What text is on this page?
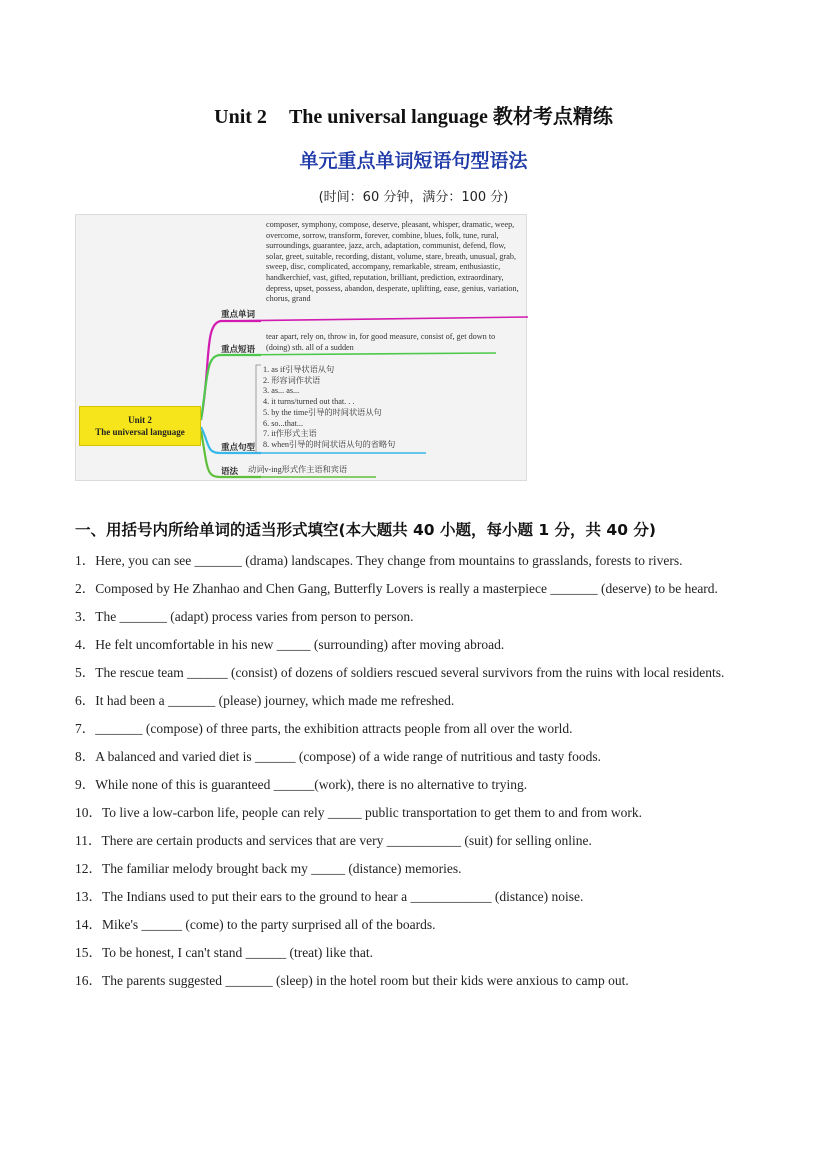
Unit 2 The universal language 教材考点精练
单元重点单词短语句型语法
(时间：60 分钟，满分：100 分)
Unit 2
The universal language
重点单词
重点短语
重点句型
语法
composer, symphony, compose, deserve, pleasant, whisper, dramatic, weep, overcome, sorrow, transform, forever, combine, blues, folk, tune, rural, surroundings, guarantee, jazz, arch, adaptation, communist, defend, flow, solar, greet, suitable, recording, distant, volume, stare, breath, unusual, grab, sweep, disc, complicated, accompany, remarkable, stream, enthusiastic, handkerchief, vast, gifted, reputation, brilliant, prediction, extraordinary, depress, upset, possess, abandon, desperate, uplifting, ease, genius, variation, chorus, grand
tear apart, rely on, throw in, for good measure, consist of, get down to (doing) sth. all of a sudden
1. as if引导状语从句
2. 形容词作状语
3. as... as...
4. it turns/turned out that. . .
5. by the time引导的时间状语从句
6. so...that...
7. it作形式主语
8. when引导的时间状语从句的省略句
动词v-ing形式作主语和宾语
一、用括号内所给单词的适当形式填空(本大题共 40 小题，每小题 1 分，共 40 分)
1．Here, you can see _______ (drama) landscapes. They change from mountains to grasslands, forests to rivers.
2．Composed by He Zhanhao and Chen Gang, Butterfly Lovers is really a masterpiece _______ (deserve) to be heard.
3．The _______ (adapt) process varies from person to person.
4．He felt uncomfortable in his new _____ (surrounding) after moving abroad.
5．The rescue team ______ (consist) of dozens of soldiers rescued several survivors from the ruins with local residents.
6．It had been a _______ (please) journey, which made me refreshed.
7．_______ (compose) of three parts, the exhibition attracts people from all over the world.
8．A balanced and varied diet is ______ (compose) of a wide range of nutritious and tasty foods.
9．While none of this is guaranteed ______(work), there is no alternative to trying.
10．To live a low-carbon life, people can rely _____ public transportation to get them to and from work.
11．There are certain products and services that are very ___________ (suit) for selling online.
12．The familiar melody brought back my _____ (distance) memories.
13．The Indians used to put their ears to the ground to hear a ____________ (distance) noise.
14．Mike's ______ (come) to the party surprised all of the boards.
15．To be honest, I can't stand ______ (treat) like that.
16．The parents suggested _______ (sleep) in the hotel room but their kids were anxious to camp out.
